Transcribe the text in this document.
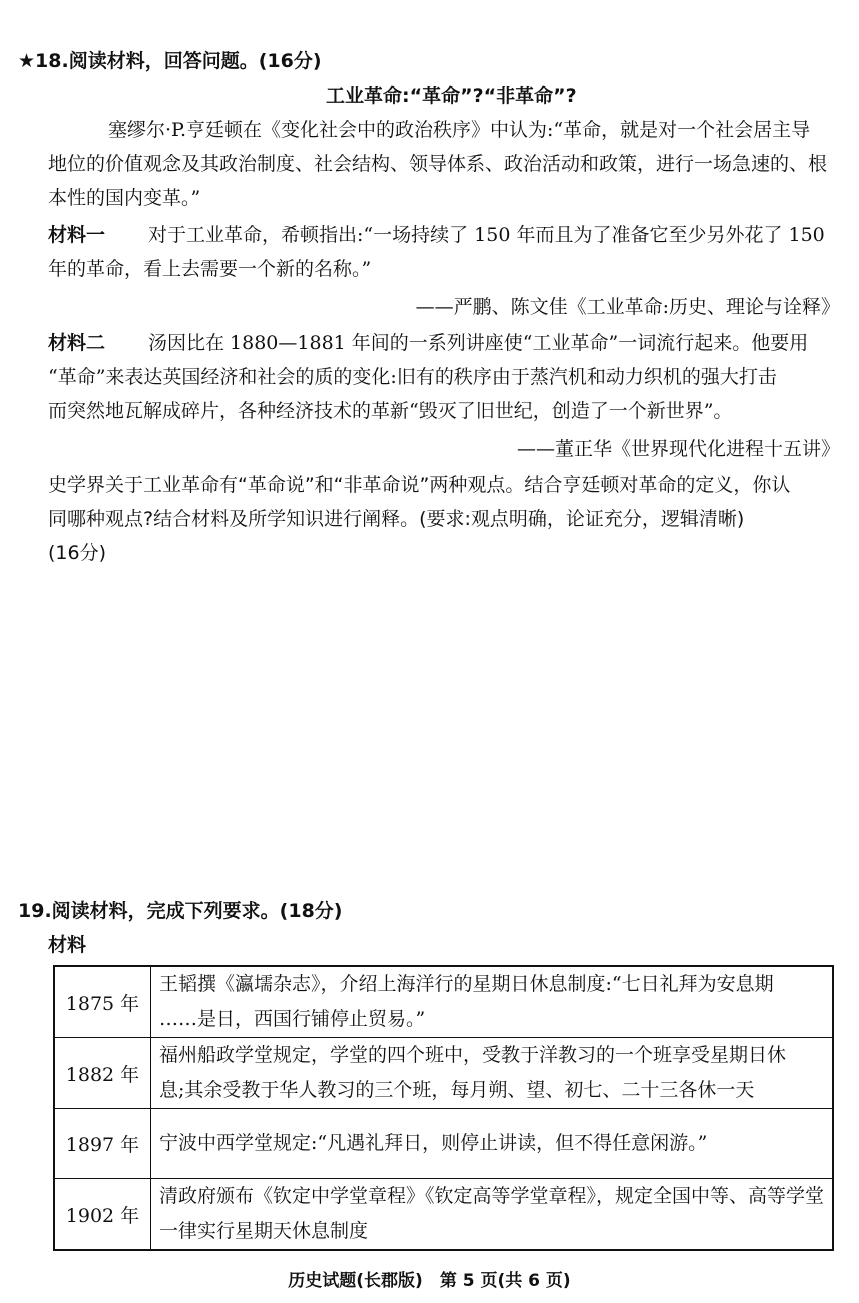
★18.阅读材料，回答问题。(16分)
工业革命:“革命”?“非革命”?
塞缪尔·P.亨廷顿在《变化社会中的政治秩序》中认为:“革命，就是对一个社会居主导
地位的价值观念及其政治制度、社会结构、领导体系、政治活动和政策，进行一场急速的、根
本性的国内变革。”
材料一 对于工业革命，希顿指出:“一场持续了 150 年而且为了准备它至少另外花了 150
年的革命，看上去需要一个新的名称。”
——严鹏、陈文佳《工业革命:历史、理论与诠释》
材料二 汤因比在 1880—1881 年间的一系列讲座使“工业革命”一词流行起来。他要用
“革命”来表达英国经济和社会的质的变化:旧有的秩序由于蒸汽机和动力织机的强大打击
而突然地瓦解成碎片，各种经济技术的革新“毁灭了旧世纪，创造了一个新世界”。
——董正华《世界现代化进程十五讲》
史学界关于工业革命有“革命说”和“非革命说”两种观点。结合亨廷顿对革命的定义，你认
同哪种观点?结合材料及所学知识进行阐释。(要求:观点明确，论证充分，逻辑清晰)
(16分)
19.阅读材料，完成下列要求。(18分)
材料
1875 年	王韬撰《瀛壖杂志》，介绍上海洋行的星期日休息制度:“七日礼拜为安息期
……是日，西国行铺停止贸易。”

1882 年	福州船政学堂规定，学堂的四个班中，受教于洋教习的一个班享受星期日休
息;其余受教于华人教习的三个班，每月朔、望、初七、二十三各休一天

1897 年	宁波中西学堂规定:“凡遇礼拜日，则停止讲读，但不得任意闲游。”

1902 年	清政府颁布《钦定中学堂章程》《钦定高等学堂章程》，规定全国中等、高等学堂
一律实行星期天休息制度
历史试题(长郡版)　第 5 页(共 6 页)
